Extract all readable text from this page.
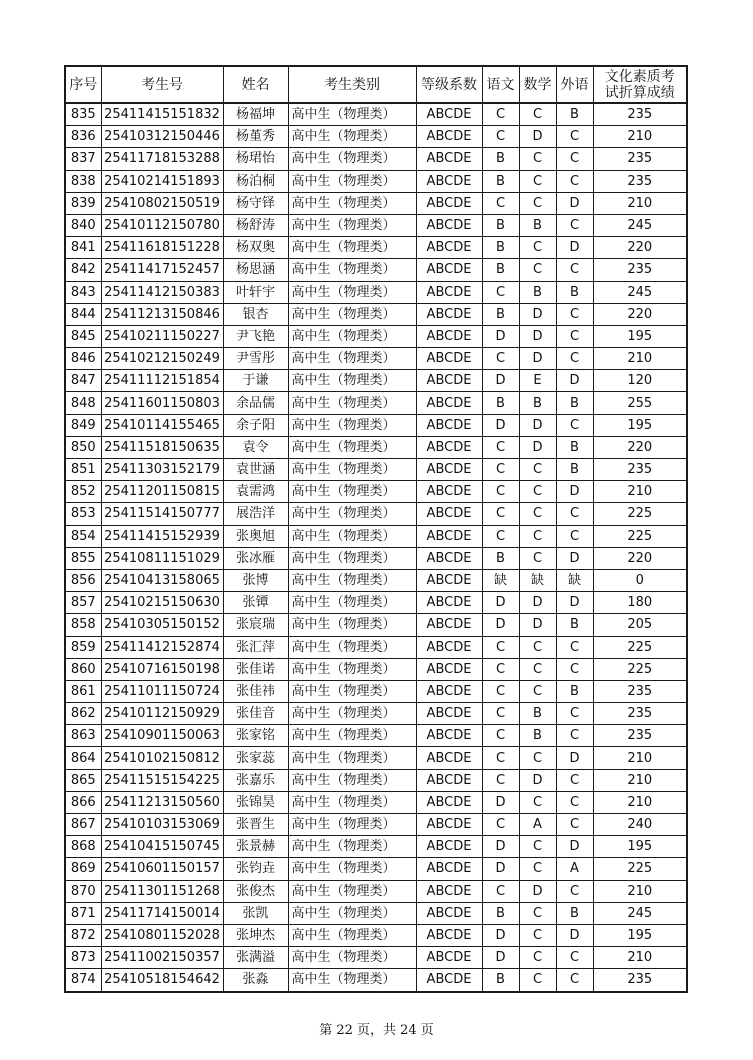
序号	考生号	姓名	考生类别	等级系数	语文	数学	外语	文化素质考
试折算成绩

835	25411415151832	杨福坤	高中生（物理类）	ABCDE	C	C	B	235
836	25410312150446	杨堇秀	高中生（物理类）	ABCDE	C	D	C	210
837	25411718153288	杨珺怡	高中生（物理类）	ABCDE	B	C	C	235
838	25410214151893	杨泊桐	高中生（物理类）	ABCDE	B	C	C	235
839	25410802150519	杨守铎	高中生（物理类）	ABCDE	C	C	D	210
840	25410112150780	杨舒涛	高中生（物理类）	ABCDE	B	B	C	245
841	25411618151228	杨双奥	高中生（物理类）	ABCDE	B	C	D	220
842	25411417152457	杨思涵	高中生（物理类）	ABCDE	B	C	C	235
843	25411412150383	叶轩宇	高中生（物理类）	ABCDE	C	B	B	245
844	25411213150846	银杏	高中生（物理类）	ABCDE	B	D	C	220
845	25410211150227	尹飞艳	高中生（物理类）	ABCDE	D	D	C	195
846	25410212150249	尹雪彤	高中生（物理类）	ABCDE	C	D	C	210
847	25411112151854	于谦	高中生（物理类）	ABCDE	D	E	D	120
848	25411601150803	余品儒	高中生（物理类）	ABCDE	B	B	B	255
849	25410114155465	余子阳	高中生（物理类）	ABCDE	D	D	C	195
850	25411518150635	袁令	高中生（物理类）	ABCDE	C	D	B	220
851	25411303152179	袁世涵	高中生（物理类）	ABCDE	C	C	B	235
852	25411201150815	袁需鸿	高中生（物理类）	ABCDE	C	C	D	210
853	25411514150777	展浩洋	高中生（物理类）	ABCDE	C	C	C	225
854	25411415152939	张奥旭	高中生（物理类）	ABCDE	C	C	C	225
855	25410811151029	张冰雁	高中生（物理类）	ABCDE	B	C	D	220
856	25410413158065	张博	高中生（物理类）	ABCDE	缺	缺	缺	0
857	25410215150630	张镡	高中生（物理类）	ABCDE	D	D	D	180
858	25410305150152	张宸瑞	高中生（物理类）	ABCDE	D	D	B	205
859	25411412152874	张汇萍	高中生（物理类）	ABCDE	C	C	C	225
860	25410716150198	张佳诺	高中生（物理类）	ABCDE	C	C	C	225
861	25411011150724	张佳祎	高中生（物理类）	ABCDE	C	C	B	235
862	25410112150929	张佳音	高中生（物理类）	ABCDE	C	B	C	235
863	25410901150063	张家铭	高中生（物理类）	ABCDE	C	B	C	235
864	25410102150812	张家蕊	高中生（物理类）	ABCDE	C	C	D	210
865	25411515154225	张嘉乐	高中生（物理类）	ABCDE	C	D	C	210
866	25411213150560	张锦昊	高中生（物理类）	ABCDE	D	C	C	210
867	25410103153069	张晋生	高中生（物理类）	ABCDE	C	A	C	240
868	25410415150745	张景赫	高中生（物理类）	ABCDE	D	C	D	195
869	25410601150157	张钧垚	高中生（物理类）	ABCDE	D	C	A	225
870	25411301151268	张俊杰	高中生（物理类）	ABCDE	C	D	C	210
871	25411714150014	张凯	高中生（物理类）	ABCDE	B	C	B	245
872	25410801152028	张坤杰	高中生（物理类）	ABCDE	D	C	D	195
873	25411002150357	张满溢	高中生（物理类）	ABCDE	D	C	C	210
874	25410518154642	张淼	高中生（物理类）	ABCDE	B	C	C	235
第 22 页，共 24 页
